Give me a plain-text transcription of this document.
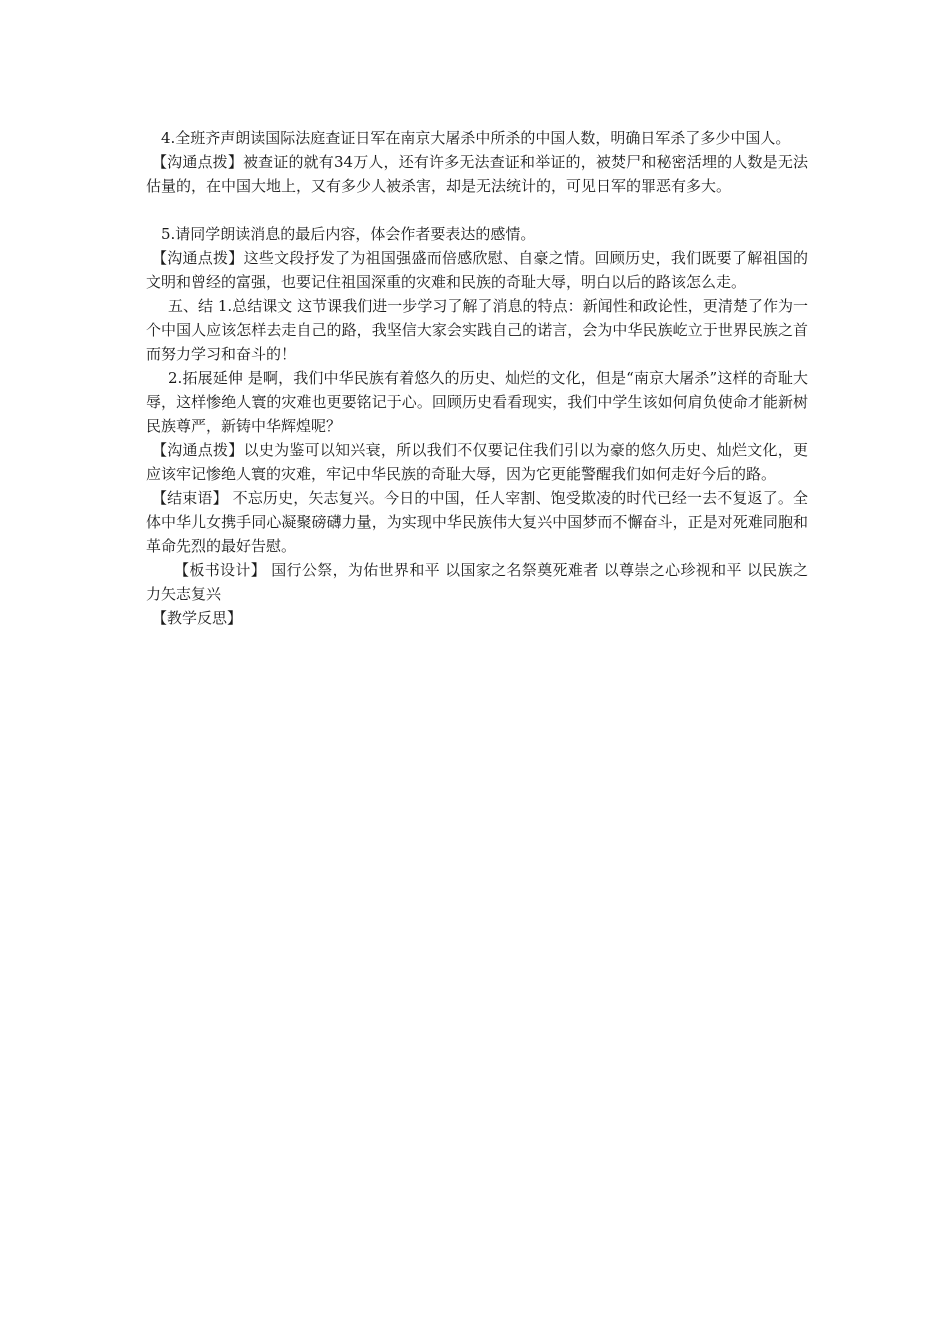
4.全班齐声朗读国际法庭查证日军在南京大屠杀中所杀的中国人数，明确日军杀了多少中国人。

【沟通点拨】被查证的就有34万人，还有许多无法查证和举证的，被焚尸和秘密活埋的人数是无法估量的，在中国大地上，又有多少人被杀害，却是无法统计的，可见日军的罪恶有多大。

5.请同学朗读消息的最后内容，体会作者要表达的感情。

【沟通点拨】这些文段抒发了为祖国强盛而倍感欣慰、自豪之情。回顾历史，我们既要了解祖国的文明和曾经的富强，也要记住祖国深重的灾难和民族的奇耻大辱，明白以后的路该怎么走。

五、结 1.总结课文 这节课我们进一步学习了解了消息的特点：新闻性和政论性，更清楚了作为一个中国人应该怎样去走自己的路，我坚信大家会实践自己的诺言，会为中华民族屹立于世界民族之首而努力学习和奋斗的！

2.拓展延伸 是啊，我们中华民族有着悠久的历史、灿烂的文化，但是“南京大屠杀”这样的奇耻大辱，这样惨绝人寰的灾难也更要铭记于心。回顾历史看看现实，我们中学生该如何肩负使命才能新树民族尊严，新铸中华辉煌呢？

【沟通点拨】以史为鉴可以知兴衰，所以我们不仅要记住我们引以为豪的悠久历史、灿烂文化，更应该牢记惨绝人寰的灾难，牢记中华民族的奇耻大辱，因为它更能警醒我们如何走好今后的路。

【结束语】 不忘历史，矢志复兴。今日的中国，任人宰割、饱受欺凌的时代已经一去不复返了。全体中华儿女携手同心凝聚磅礴力量，为实现中华民族伟大复兴中国梦而不懈奋斗，正是对死难同胞和革命先烈的最好告慰。

【板书设计】 国行公祭，为佑世界和平 以国家之名祭奠死难者 以尊崇之心珍视和平 以民族之力矢志复兴

【教学反思】
